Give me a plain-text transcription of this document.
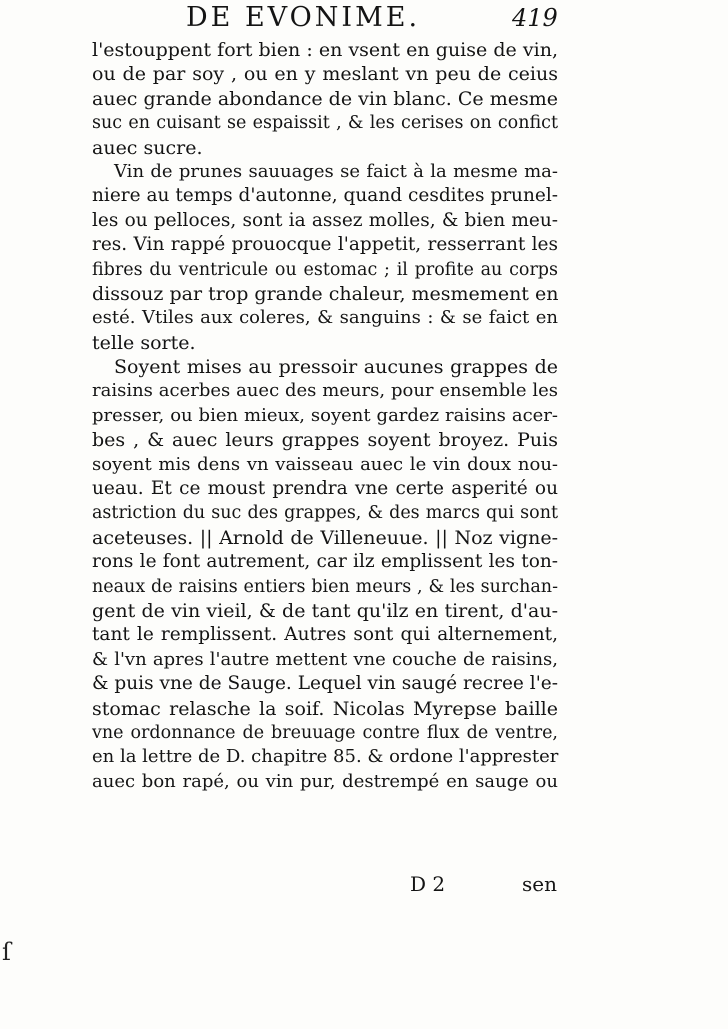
DE EVONIME.	419
l'estouppent fort bien : en vsent en guise de vin,
ou de par soy , ou en y meslant vn peu de ceius
auec grande abondance de vin blanc. Ce mesme
suc en cuisant se espaissit , & les cerises on confict
auec sucre.
Vin de prunes sauuages se faict à la mesme ma-
niere au temps d'autonne, quand cesdites prunel-
les ou pelloces, sont ia assez molles, & bien meu-
res. Vin rappé prouocque l'appetit, resserrant les
fibres du ventricule ou estomac ; il profite au corps
dissouz par trop grande chaleur, mesmement en
esté. Vtiles aux coleres, & sanguins : & se faict en
telle sorte.
Soyent mises au pressoir aucunes grappes de
raisins acerbes auec des meurs, pour ensemble les
presser, ou bien mieux, soyent gardez raisins acer-
bes , & auec leurs grappes soyent broyez. Puis
soyent mis dens vn vaisseau auec le vin doux nou-
ueau. Et ce moust prendra vne certe asperité ou
astriction du suc des grappes, & des marcs qui sont
aceteuses. || Arnold de Villeneuue. || Noz vigne-
rons le font autrement, car ilz emplissent les ton-
neaux de raisins entiers bien meurs , & les surchan-
gent de vin vieil, & de tant qu'ilz en tirent, d'au-
tant le remplissent. Autres sont qui alternement,
& l'vn apres l'autre mettent vne couche de raisins,
& puis vne de Sauge. Lequel vin saugé recree l'e-
stomac relasche la soif. Nicolas Myrepse baille
vne ordonnance de breuuage contre flux de ventre,
en la lettre de D. chapitre 85. & ordone l'apprester
auec bon rapé, ou vin pur, destrempé en sauge ou
D 2	sen
ſ
